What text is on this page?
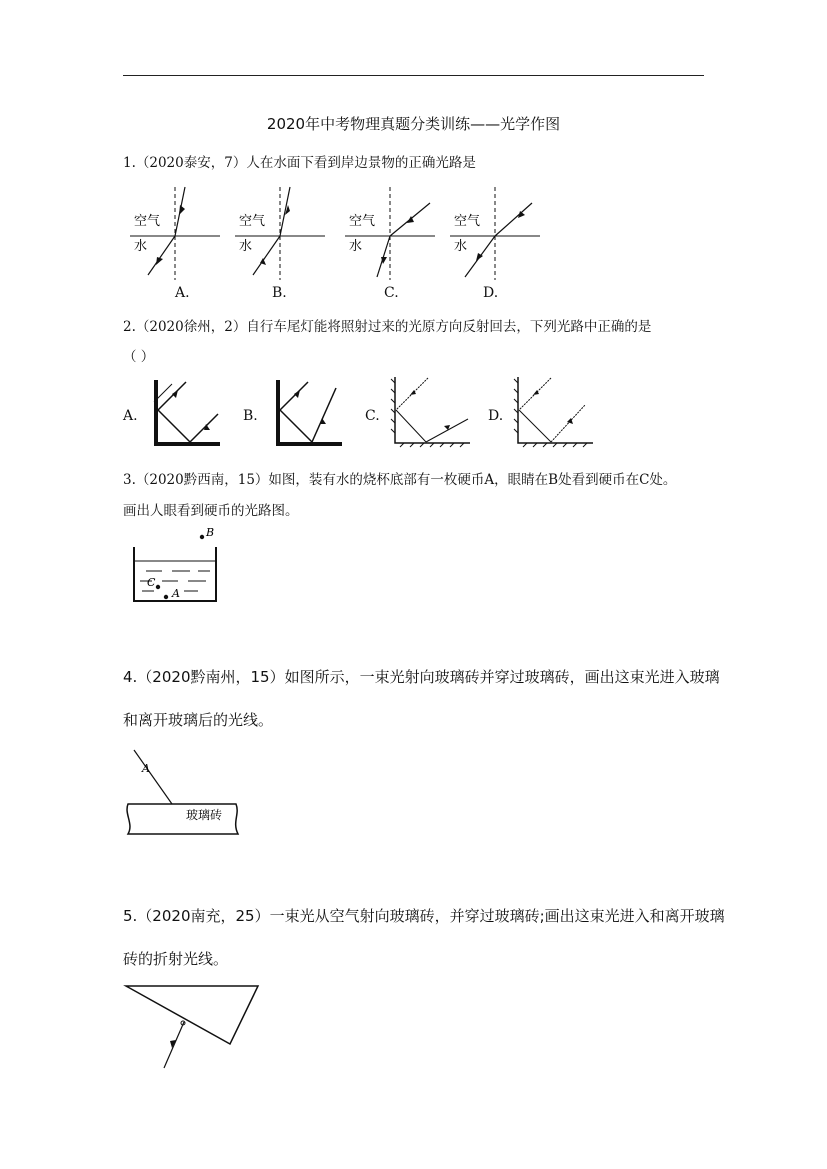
2020年中考物理真题分类训练——光学作图
1.（2020泰安，7）人在水面下看到岸边景物的正确光路是
空气
水
A.
空气
水
B.
空气
水
C.
空气
水
D.
2.（2020徐州，2）自行车尾灯能将照射过来的光原方向反射回去，下列光路中正确的是
（ ）
A.	B.	C.	D.
3.（2020黔西南，15）如图，装有水的烧杯底部有一枚硬币A，眼睛在B处看到硬币在C处。
画出人眼看到硬币的光路图。
B
C
A
4.（2020黔南州，15）如图所示，一束光射向玻璃砖并穿过玻璃砖，画出这束光进入玻璃
和离开玻璃后的光线。
A
玻璃砖
5.（2020南充，25）一束光从空气射向玻璃砖，并穿过玻璃砖;画出这束光进入和离开玻璃
砖的折射光线。
